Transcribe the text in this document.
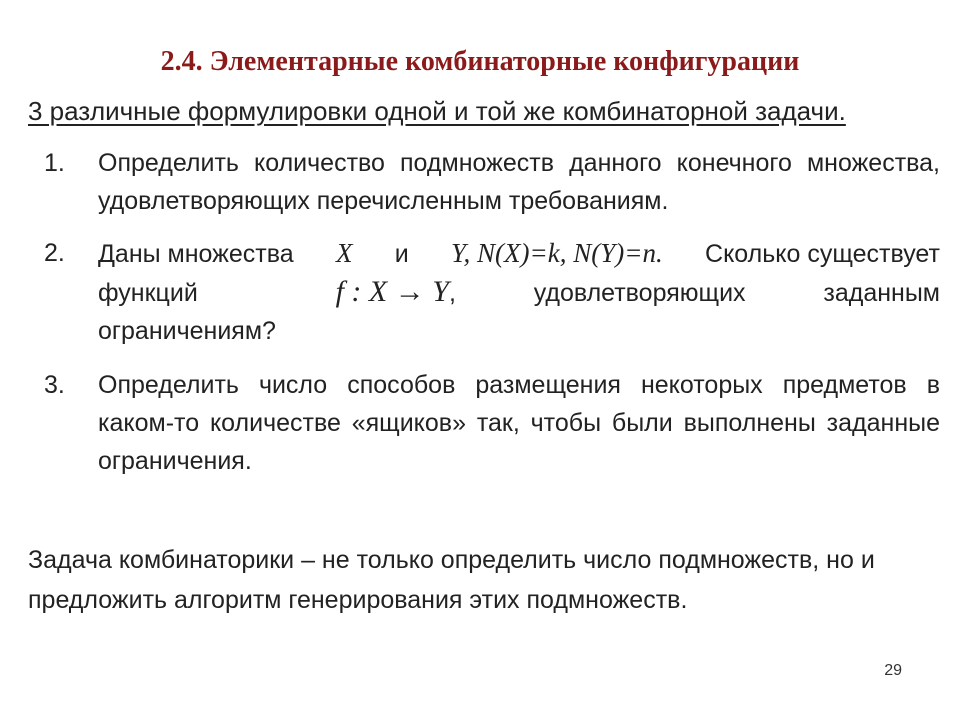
2.4. Элементарные комбинаторные конфигурации
3 различные формулировки одной и той же комбинаторной задачи.
1. Определить количество подмножеств данного конечного множества, удовлетворяющих перечисленным требованиям.
2. Даны множества X и Y, N(X)=k, N(Y)=n. Сколько существует
функций	f : X → Y,	удовлетворяющих	заданным
ограничениям?
3. Определить число способов размещения некоторых предметов в каком-то количестве «ящиков» так, чтобы были выполнены заданные ограничения.
Задача комбинаторики – не только определить число подмножеств, но и предложить алгоритм генерирования этих подмножеств.
29
